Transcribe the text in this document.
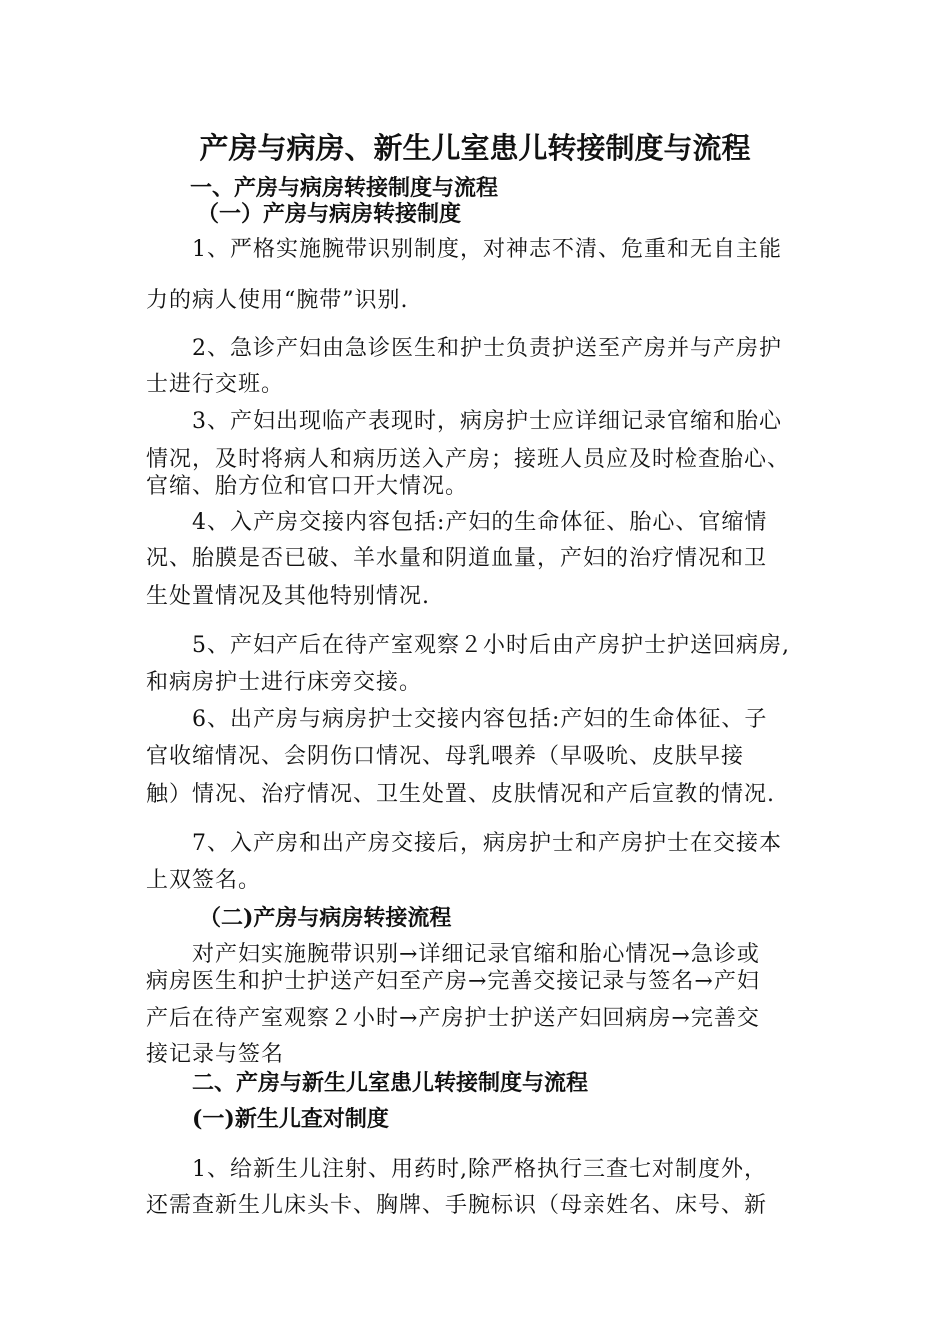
产房与病房、新生儿室患儿转接制度与流程
一、产房与病房转接制度与流程
（一）产房与病房转接制度
1、严格实施腕带识别制度，对神志不清、危重和无自主能
力的病人使用“腕带”识别.
2、急诊产妇由急诊医生和护士负责护送至产房并与产房护
士进行交班。
3、产妇出现临产表现时，病房护士应详细记录官缩和胎心
情况，及时将病人和病历送入产房；接班人员应及时检查胎心、
官缩、胎方位和官口开大情况。
4、入产房交接内容包括:产妇的生命体征、胎心、官缩情
况、胎膜是否已破、羊水量和阴道血量，产妇的治疗情况和卫
生处置情况及其他特别情况.
5、产妇产后在待产室观察２小时后由产房护士护送回病房,
和病房护士进行床旁交接。
6、出产房与病房护士交接内容包括:产妇的生命体征、子
官收缩情况、会阴伤口情况、母乳喂养（早吸吮、皮肤早接
触）情况、治疗情况、卫生处置、皮肤情况和产后宣教的情况.
7、入产房和出产房交接后，病房护士和产房护士在交接本
上双签名。
（二)产房与病房转接流程
对产妇实施腕带识别→详细记录官缩和胎心情况→急诊或
病房医生和护士护送产妇至产房→完善交接记录与签名→产妇
产后在待产室观察２小时→产房护士护送产妇回病房→完善交
接记录与签名
二、产房与新生儿室患儿转接制度与流程
(一)新生儿查对制度
1、给新生儿注射、用药时,除严格执行三查七对制度外，
还需查新生儿床头卡、胸牌、手腕标识（母亲姓名、床号、新
